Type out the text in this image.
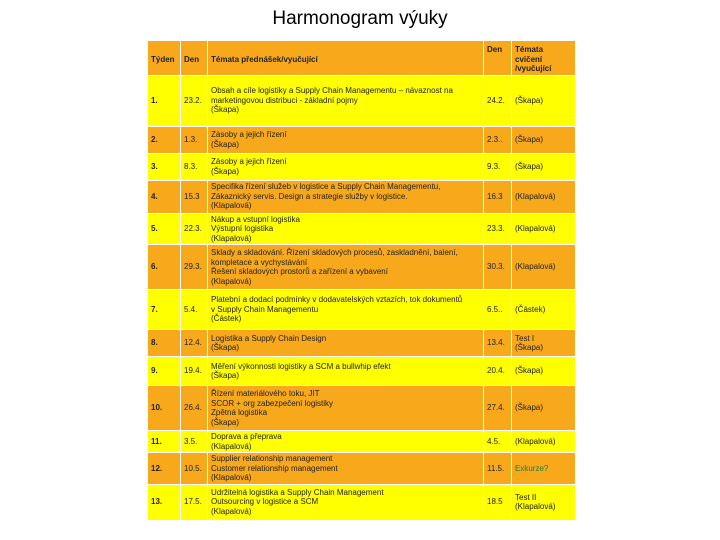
Harmonogram výuky
Týden	Den	Témata přednášek/vyučující	Den	Témata cvičení /vyučující
1.	23.2.	Obsah a cíle logistiky a Supply Chain Managementu – návaznost na
marketingovou distribuci - základní pojmy
(Škapa)	24.2.	(Škapa)

2.	1.3.	Zásoby a jejich řízení
(Škapa)	2.3..	(Škapa)

3.	8.3.	Zásoby a jejich řízení
(Škapa)	9.3.	(Škapa)

4.	15.3	Specifika řízení služeb v logistice a Supply Chain Managementu,
Zákaznický servis. Design a strategie služby v logistice.
(Klapalová)	16.3	(Klapalová)

5.	22.3.	Nákup a vstupní logistika
Výstupní logistika
(Klapalová)	23.3.	(Klapalová)

6.	29.3.	Sklady a skladování. Řízení skladových procesů, zaskladnění, balení,
kompletace a vychystávání
Řešení skladových prostorů a zařízení a vybavení
(Klapalová)	30.3.	(Klapalová)

7.	5.4.	Platební a dodací podmínky v dodavatelských vztazích, tok dokumentů
v Supply Chain Managementu
(Částek)	6.5..	(Částek)

8.	12.4.	Logistika a Supply Chain Design
(Škapa)	13.4.	Test I
(Škapa)

9.	19.4.	Měření výkonnosti logistiky a SCM a bullwhip efekt
(Škapa)	20.4.	(Škapa)

10.	26.4.	Řízení materiálového toku, JIT
SCOR + org zabezpečení logistiky
Zpětná logistika
(Škapa)	27.4.	(Škapa)

11.	3.5.	Doprava a přeprava
(Klapalová)	4.5.	(Klapalová)

12.	10.5.	Supplier relationship management
Customer relationship management
(Klapalová)	11.5.	Exkurze?

13.	17.5.	Udržitelná logistika a Supply Chain Management
Outsourcing v logistice a SCM
(Klapalová)	18.5	Test II
(Klapalová)
